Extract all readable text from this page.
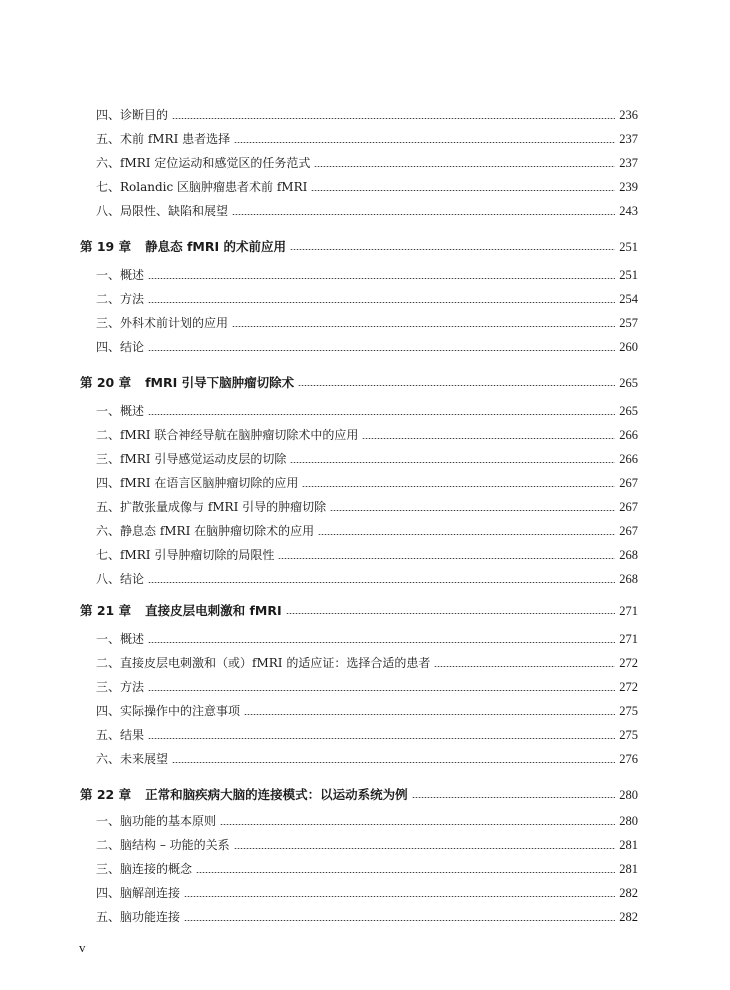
四、诊断目的	236
五、术前 fMRI 患者选择	237
六、fMRI 定位运动和感觉区的任务范式	237
七、Rolandic 区脑肿瘤患者术前 fMRI	239
八、局限性、缺陷和展望	243
第 19 章 静息态 fMRI 的术前应用	251
一、概述	251
二、方法	254
三、外科术前计划的应用	257
四、结论	260
第 20 章 fMRI 引导下脑肿瘤切除术	265
一、概述	265
二、fMRI 联合神经导航在脑肿瘤切除术中的应用	266
三、fMRI 引导感觉运动皮层的切除	266
四、fMRI 在语言区脑肿瘤切除的应用	267
五、扩散张量成像与 fMRI 引导的肿瘤切除	267
六、静息态 fMRI 在脑肿瘤切除术的应用	267
七、fMRI 引导肿瘤切除的局限性	268
八、结论	268
第 21 章 直接皮层电刺激和 fMRI	271
一、概述	271
二、直接皮层电刺激和（或）fMRI 的适应证：选择合适的患者	272
三、方法	272
四、实际操作中的注意事项	275
五、结果	275
六、未来展望	276
第 22 章 正常和脑疾病大脑的连接模式：以运动系统为例	280
一、脑功能的基本原则	280
二、脑结构 – 功能的关系	281
三、脑连接的概念	281
四、脑解剖连接	282
五、脑功能连接	282
v
